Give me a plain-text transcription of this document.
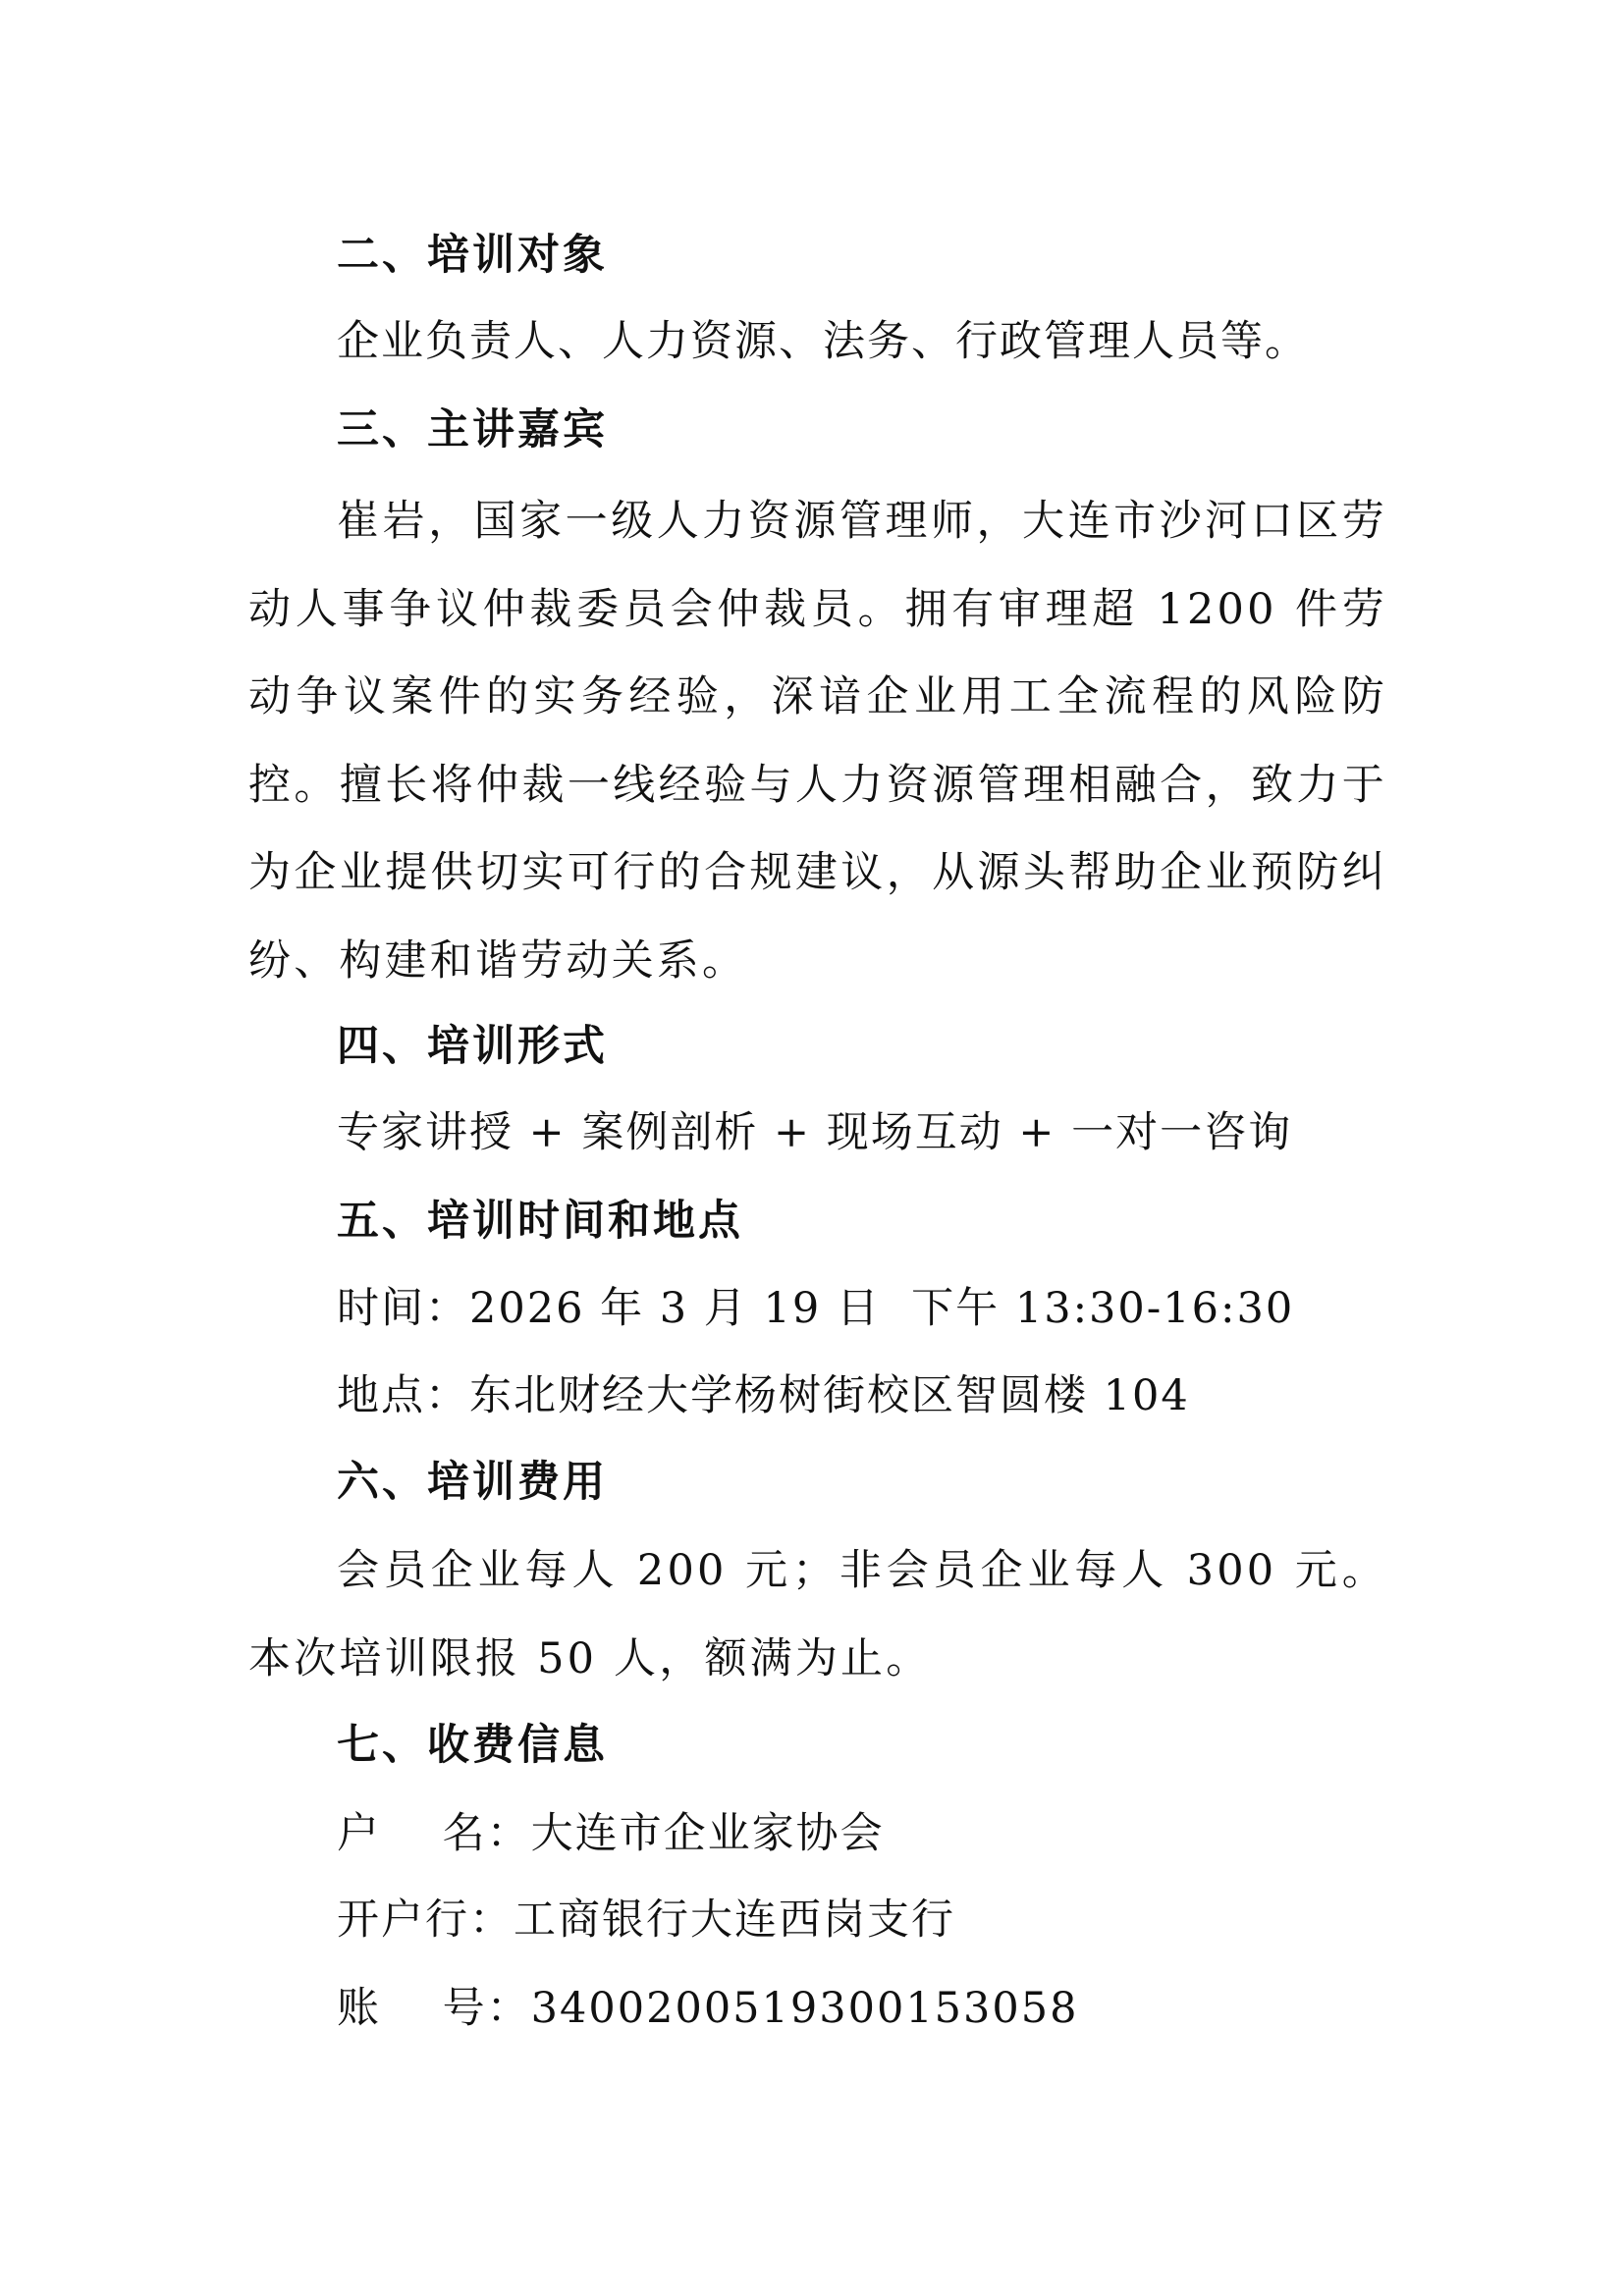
二、培训对象
企业负责人、人力资源、法务、行政管理人员等。
三、主讲嘉宾
崔岩，国家一级人力资源管理师，大连市沙河口区劳动人事争议仲裁委员会仲裁员。拥有审理超 1200 件劳动争议案件的实务经验，深谙企业用工全流程的风险防控。擅长将仲裁一线经验与人力资源管理相融合，致力于为企业提供切实可行的合规建议，从源头帮助企业预防纠纷、构建和谐劳动关系。
四、培训形式
专家讲授 + 案例剖析 + 现场互动 + 一对一咨询
五、培训时间和地点
时间：2026 年 3 月 19 日  下午 13:30-16:30
地点：东北财经大学杨树街校区智圆楼 104
六、培训费用
会员企业每人 200 元；非会员企业每人 300 元。本次培训限报 50 人，额满为止。
七、收费信息
户    名：大连市企业家协会
开户行：工商银行大连西岗支行
账    号：3400200519300153058
